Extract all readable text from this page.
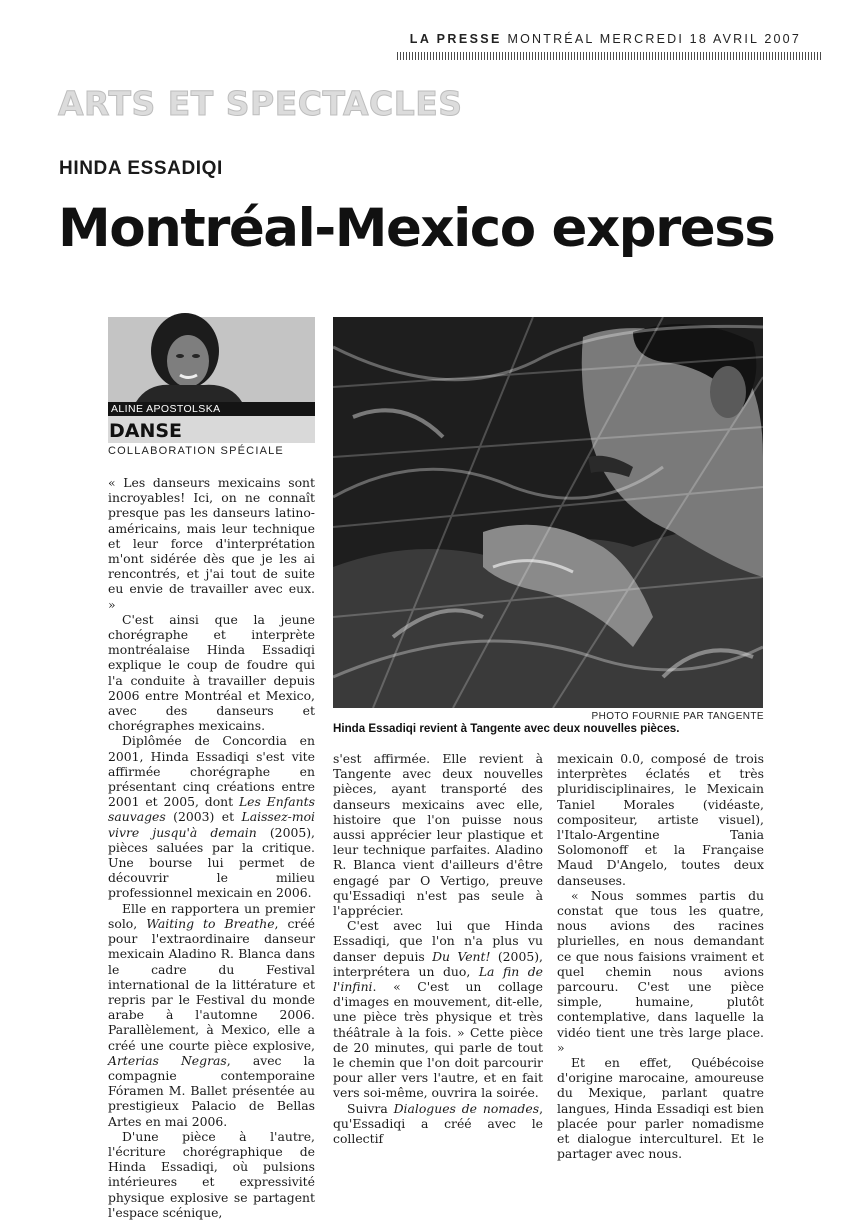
LA PRESSE MONTRÉAL MERCREDI 18 AVRIL 2007
ARTS ET SPECTACLES
HINDA ESSADIQI
Montréal-Mexico express
ALINE APOSTOLSKA
DANSE
COLLABORATION SPÉCIALE
PHOTO FOURNIE PAR TANGENTE
Hinda Essadiqi revient à Tangente avec deux nouvelles pièces.

« Les danseurs mexicains sont incroyables! Ici, on ne connaît presque pas les danseurs latino-américains, mais leur technique et leur force d'interprétation m'ont sidérée dès que je les ai rencontrés, et j'ai tout de suite eu envie de travailler avec eux. »

C'est ainsi que la jeune chorégraphe et interprète montréalaise Hinda Essadiqi explique le coup de foudre qui l'a conduite à travailler depuis 2006 entre Montréal et Mexico, avec des danseurs et chorégraphes mexicains.

Diplômée de Concordia en 2001, Hinda Essadiqi s'est vite affirmée chorégraphe en présentant cinq créations entre 2001 et 2005, dont Les Enfants sauvages (2003) et Laissez-moi vivre jusqu'à demain (2005), pièces saluées par la critique. Une bourse lui permet de découvrir le milieu professionnel mexicain en 2006.

Elle en rapportera un premier solo, Waiting to Breathe, créé pour l'extraordinaire danseur mexicain Aladino R. Blanca dans le cadre du Festival international de la littérature et repris par le Festival du monde arabe à l'automne 2006. Parallèlement, à Mexico, elle a créé une courte pièce explosive, Arterias Negras, avec la compagnie contemporaine Fóramen M. Ballet présentée au prestigieux Palacio de Bellas Artes en mai 2006.

D'une pièce à l'autre, l'écriture chorégraphique de Hinda Essadiqi, où pulsions intérieures et expressivité physique explosive se partagent l'espace scénique,

s'est affirmée. Elle revient à Tangente avec deux nouvelles pièces, ayant transporté des danseurs mexicains avec elle, histoire que l'on puisse nous aussi apprécier leur plastique et leur technique parfaites. Aladino R. Blanca vient d'ailleurs d'être engagé par O Vertigo, preuve qu'Essadiqi n'est pas seule à l'apprécier.

C'est avec lui que Hinda Essadiqi, que l'on n'a plus vu danser depuis Du Vent! (2005), interprétera un duo, La fin de l'infini. « C'est un collage d'images en mouvement, dit-elle, une pièce très physique et très théâtrale à la fois. » Cette pièce de 20 minutes, qui parle de tout le chemin que l'on doit parcourir pour aller vers l'autre, et en fait vers soi-même, ouvrira la soirée.

Suivra Dialogues de nomades, qu'Essadiqi a créé avec le collectif

mexicain 0.0, composé de trois interprètes éclatés et très pluridisciplinaires, le Mexicain Taniel Morales (vidéaste, compositeur, artiste visuel), l'Italo-Argentine Tania Solomonoff et la Française Maud D'Angelo, toutes deux danseuses.

« Nous sommes partis du constat que tous les quatre, nous avions des racines plurielles, en nous demandant ce que nous faisions vraiment et quel chemin nous avions parcouru. C'est une pièce simple, humaine, plutôt contemplative, dans laquelle la vidéo tient une très large place. »

Et en effet, Québécoise d'origine marocaine, amoureuse du Mexique, parlant quatre langues, Hinda Essadiqi est bien placée pour parler nomadisme et dialogue interculturel. Et le partager avec nous.
